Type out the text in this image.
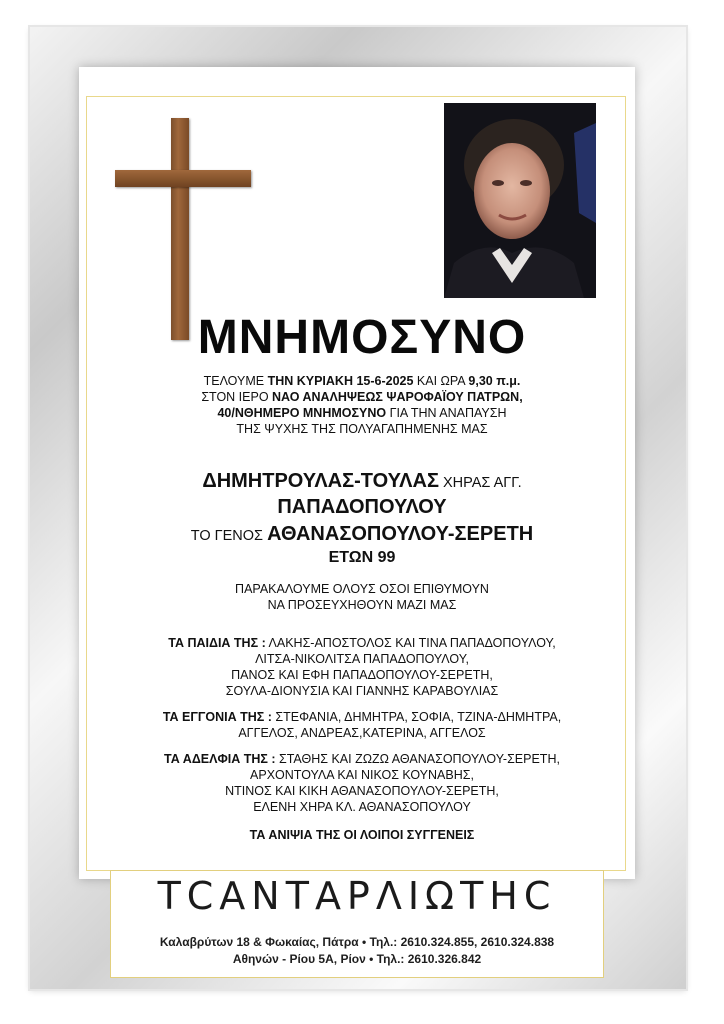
ΜΝΗΜΟΣΥΝΟ
ΤΕΛΟΥΜΕ ΤΗΝ ΚΥΡΙΑΚΗ 15-6-2025 ΚΑΙ ΩΡΑ 9,30 π.μ.
ΣΤΟΝ ΙΕΡΟ ΝΑΟ ΑΝΑΛΗΨΕΩΣ ΨΑΡΟΦΑΪΟΥ ΠΑΤΡΩΝ,
40/ΝΘΗΜΕΡΟ ΜΝΗΜΟΣΥΝΟ ΓΙΑ ΤΗΝ ΑΝΑΠΑΥΣΗ
ΤΗΣ ΨΥΧΗΣ ΤΗΣ ΠΟΛΥΑΓΑΠΗΜΕΝΗΣ ΜΑΣ
ΔΗΜΗΤΡΟΥΛΑΣ-ΤΟΥΛΑΣ ΧΗΡΑΣ ΑΓΓ.
ΠΑΠΑΔΟΠΟΥΛΟΥ
ΤΟ ΓΕΝΟΣ ΑΘΑΝΑΣΟΠΟΥΛΟΥ-ΣΕΡΕΤΗ
ΕΤΩΝ 99
ΠΑΡΑΚΑΛΟΥΜΕ ΟΛΟΥΣ ΟΣΟΙ ΕΠΙΘΥΜΟΥΝ
ΝΑ ΠΡΟΣΕΥΧΗΘΟΥΝ ΜΑΖΙ ΜΑΣ
ΤΑ ΠΑΙΔΙΑ ΤΗΣ : ΛΑΚΗΣ-ΑΠΟΣΤΟΛΟΣ ΚΑΙ ΤΙΝΑ ΠΑΠΑΔΟΠΟΥΛΟΥ,
ΛΙΤΣΑ-ΝΙΚΟΛΙΤΣΑ ΠΑΠΑΔΟΠΟΥΛΟΥ,
ΠΑΝΟΣ ΚΑΙ ΕΦΗ ΠΑΠΑΔΟΠΟΥΛΟΥ-ΣΕΡΕΤΗ,
ΣΟΥΛΑ-ΔΙΟΝΥΣΙΑ ΚΑΙ ΓΙΑΝΝΗΣ ΚΑΡΑΒΟΥΛΙΑΣ
ΤΑ ΕΓΓΟΝΙΑ ΤΗΣ : ΣΤΕΦΑΝΙΑ, ΔΗΜΗΤΡΑ, ΣΟΦΙΑ, ΤΖΙΝΑ-ΔΗΜΗΤΡΑ,
ΑΓΓΕΛΟΣ, ΑΝΔΡΕΑΣ,ΚΑΤΕΡΙΝΑ, ΑΓΓΕΛΟΣ
ΤΑ ΑΔΕΛΦΙΑ ΤΗΣ : ΣΤΑΘΗΣ ΚΑΙ ΖΩΖΩ ΑΘΑΝΑΣΟΠΟΥΛΟΥ-ΣΕΡΕΤΗ,
ΑΡΧΟΝΤΟΥΛΑ ΚΑΙ ΝΙΚΟΣ ΚΟΥΝΑΒΗΣ,
ΝΤΙΝΟΣ ΚΑΙ ΚΙΚΗ ΑΘΑΝΑΣΟΠΟΥΛΟΥ-ΣΕΡΕΤΗ,
ΕΛΕΝΗ ΧΗΡΑ ΚΛ. ΑΘΑΝΑΣΟΠΟΥΛΟΥ
ΤΑ ΑΝΙΨΙΑ ΤΗΣ ΟΙ ΛΟΙΠΟΙ ΣΥΓΓΕΝΕΙΣ
ΤCΑΝΤΑΡΛΙΩΤΗC
Καλαβρύτων 18 & Φωκαίας, Πάτρα • Τηλ.: 2610.324.855, 2610.324.838
Αθηνών - Ρίου 5Α, Ρίον • Τηλ.: 2610.326.842
